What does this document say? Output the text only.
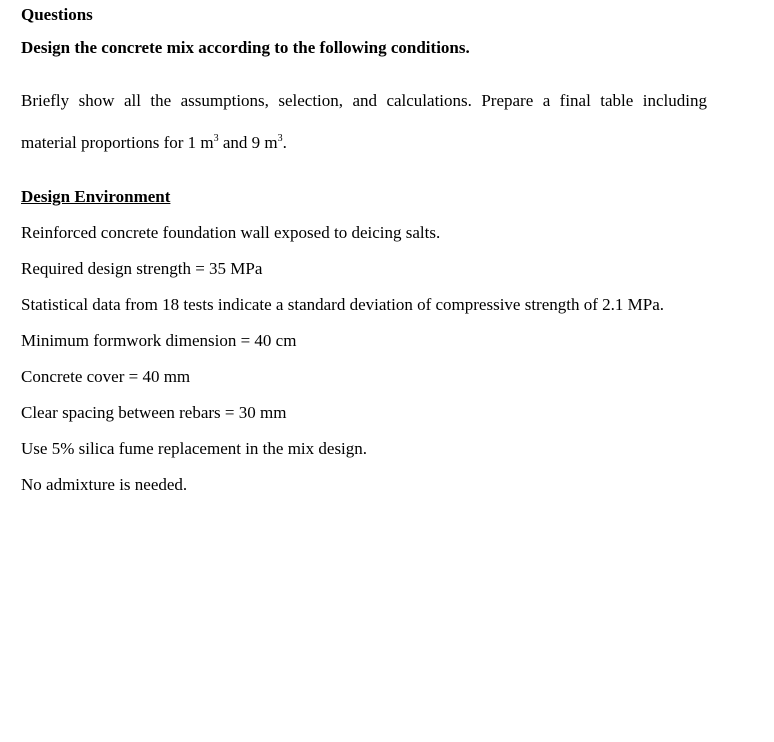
Questions

Design the concrete mix according to the following conditions.

Briefly show all the assumptions, selection, and calculations. Prepare a final table including

material proportions for 1 $m^3$ and 9 $m^3$.

Design Environment

Reinforced concrete foundation wall exposed to deicing salts.

Required design strength = 35 MPa

Statistical data from 18 tests indicate a standard deviation of compressive strength of 2.1 MPa.

Minimum formwork dimension = 40 cm

Concrete cover = 40 mm

Clear spacing between rebars = 30 mm

Use 5% silica fume replacement in the mix design.

No admixture is needed.
